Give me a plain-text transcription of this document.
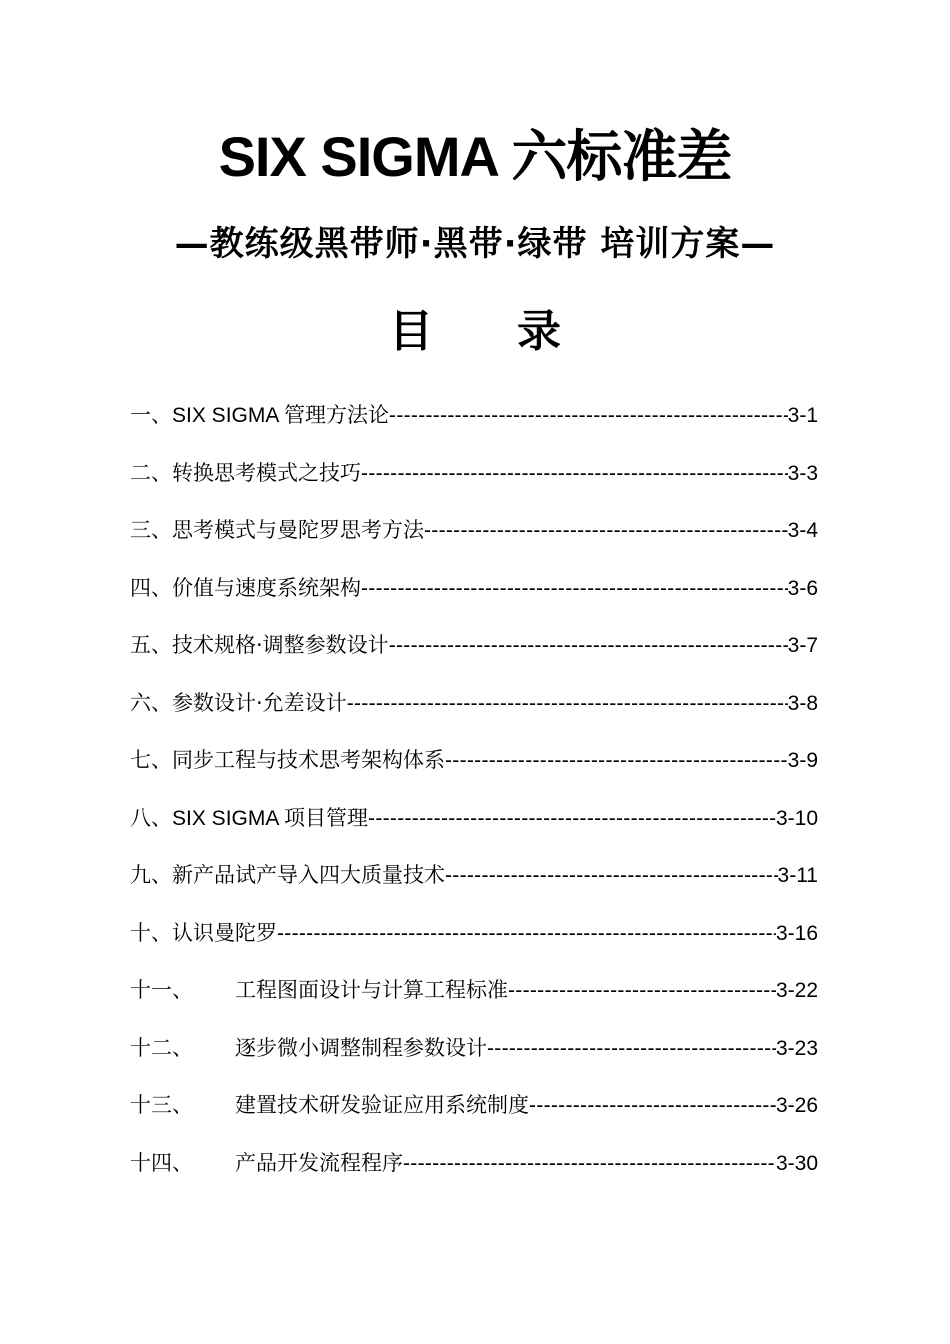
SIX SIGMA 六标准差
—教练级黑带师·黑带·绿带 培训方案—
目 录
一、 SIX SIGMA 管理方法论 -----	3-1
二、 转换思考模式之技巧 -----	3-3
三、 思考模式与曼陀罗思考方法 -----	3-4
四、 价值与速度系统架构 -----	3-6
五、 技术规格·调整参数设计 -----	3-7
六、 参数设计·允差设计 -----	3-8
七、 同步工程与技术思考架构体系 -----	3-9
八、 SIX SIGMA 项目管理 -----	3-10
九、 新产品试产导入四大质量技术 -----	3-11
十、 认识曼陀罗 -----	3-16
十一、	工程图面设计与计算工程标准 -----	3-22
十二、	逐步微小调整制程参数设计 -----	3-23
十三、	建置技术研发验证应用系统制度 -----	3-26
十四、	产品开发流程程序 -----	3-30
